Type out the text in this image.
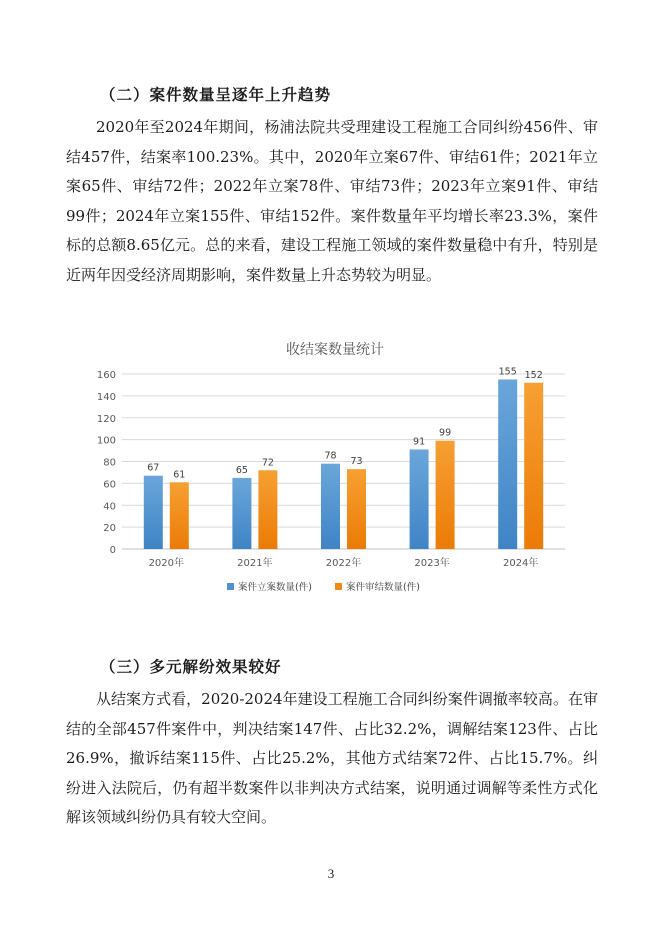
（二）案件数量呈逐年上升趋势

2020年至2024年期间，杨浦法院共受理建设工程施工合同纠纷456件、审结457件，结案率100.23%。其中，2020年立案67件、审结61件；2021年立案65件、审结72件；2022年立案78件、审结73件；2023年立案91件、审结99件；2024年立案155件、审结152件。案件数量年平均增长率23.3%，案件标的总额8.65亿元。总的来看，建设工程施工领域的案件数量稳中有升，特别是近两年因受经济周期影响，案件数量上升态势较为明显。

收结案数量统计
0
20
40
60
80
100
120
140
160
67
61
2020年
65
72
2021年
78 73
2022年
91
99
2023年
155 152
2024年
案件立案数量(件)	案件审结数量(件)
（三）多元解纷效果较好

从结案方式看，2020-2024年建设工程施工合同纠纷案件调撤率较高。在审结的全部457件案件中，判决结案147件、占比32.2%，调解结案123件、占比26.9%，撤诉结案115件、占比25.2%，其他方式结案72件、占比15.7%。纠纷进入法院后，仍有超半数案件以非判决方式结案，说明通过调解等柔性方式化解该领域纠纷仍具有较大空间。

3
